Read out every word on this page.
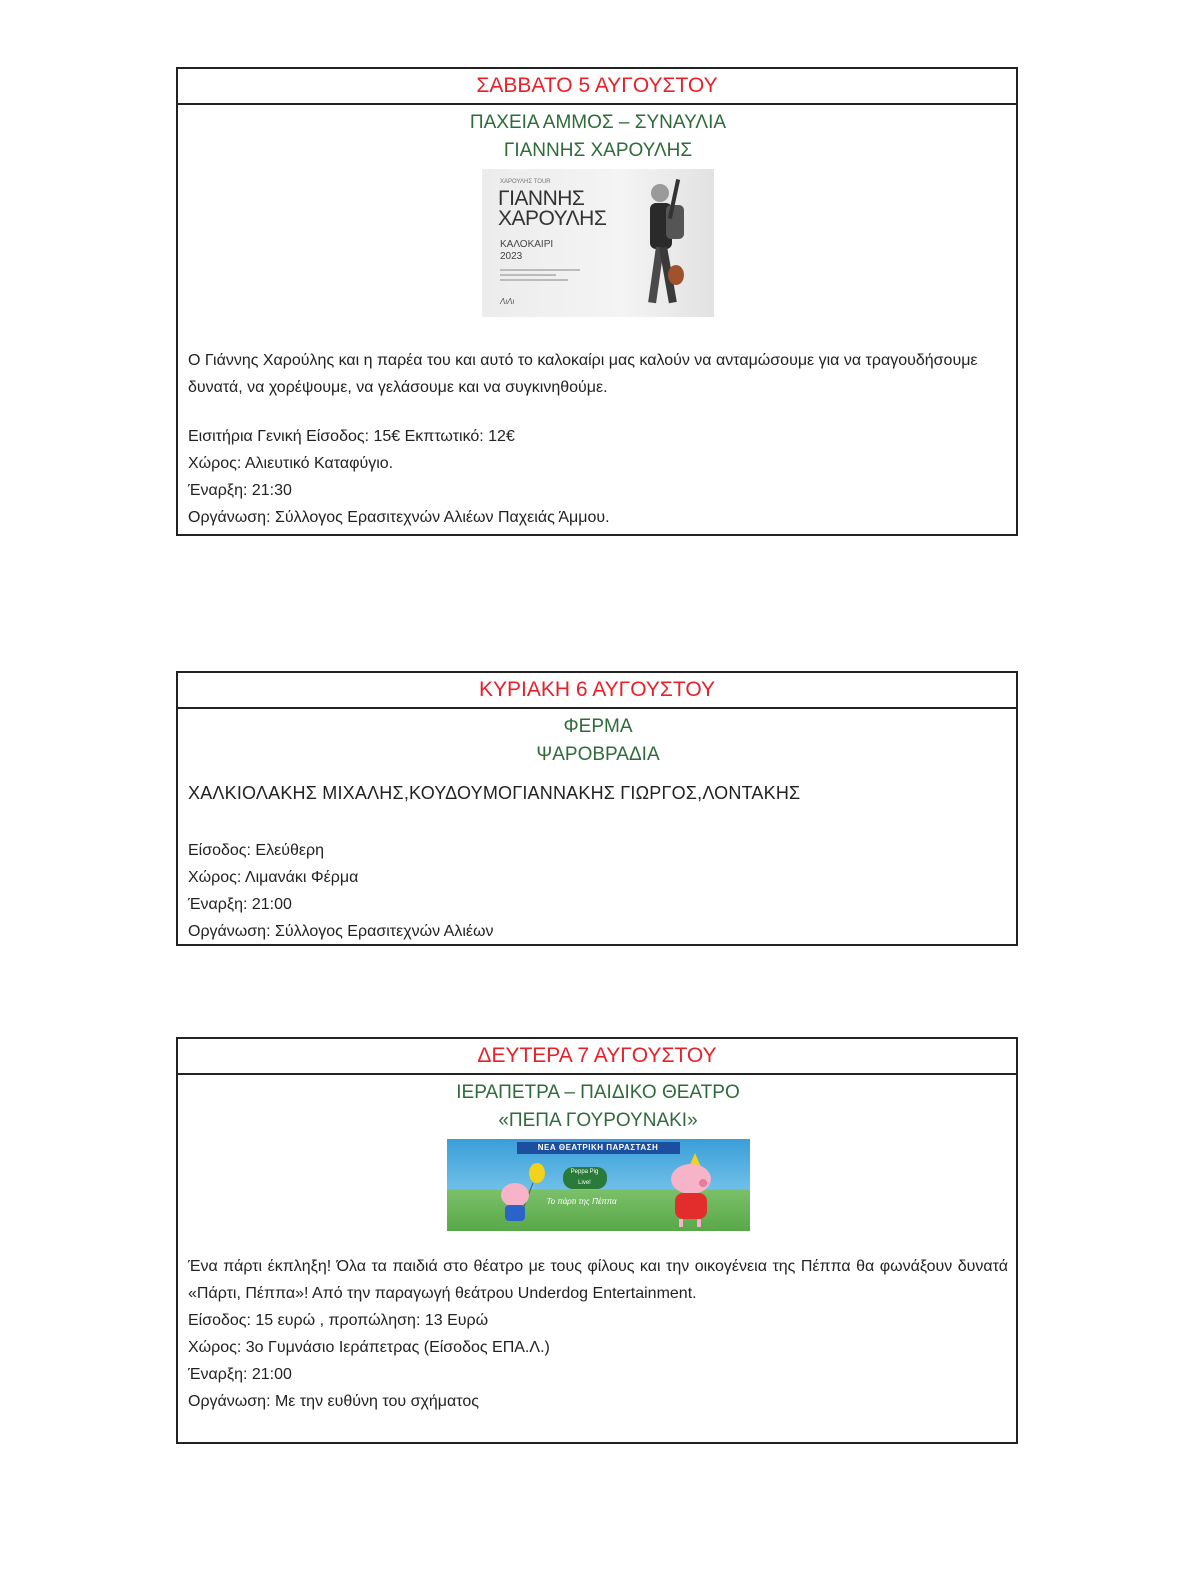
ΣΑΒΒΑΤΟ 5 ΑΥΓΟΥΣΤΟΥ
ΠΑΧΕΙΑ ΑΜΜΟΣ – ΣΥΝΑΥΛΙΑ
ΓΙΑΝΝΗΣ ΧΑΡΟΥΛΗΣ
ΧΑΡΟΥΛΗΣ TOUR
ΓΙΑΝΝΗΣ
ΧΑΡΟΥΛΗΣ
ΚΑΛΟΚΑΙΡΙ
2023
ΛιΛι
Ο Γιάννης Χαρούλης και η παρέα του και αυτό το καλοκαίρι μας καλούν να ανταμώσουμε για να τραγουδήσουμε δυνατά, να χορέψουμε, να γελάσουμε και να συγκινηθούμε.
Εισιτήρια Γενική Είσοδος: 15€ Εκπτωτικό: 12€
Χώρος: Αλιευτικό Καταφύγιο.
Έναρξη: 21:30
Οργάνωση: Σύλλογος Ερασιτεχνών Αλιέων Παχειάς Άμμου.
ΚΥΡΙΑΚΗ 6 ΑΥΓΟΥΣΤΟΥ
ΦΕΡΜΑ
ΨΑΡΟΒΡΑΔΙΑ
ΧΑΛΚΙΟΛΑΚΗΣ ΜΙΧΑΛΗΣ,ΚΟΥΔΟΥΜΟΓΙΑΝΝΑΚΗΣ ΓΙΩΡΓΟΣ,ΛΟΝΤΑΚΗΣ
Είσοδος: Ελεύθερη
Χώρος: Λιμανάκι Φέρμα
Έναρξη: 21:00
Οργάνωση: Σύλλογος Ερασιτεχνών Αλιέων
ΔΕΥΤΕΡΑ 7 ΑΥΓΟΥΣΤΟΥ
ΙΕΡΑΠΕΤΡΑ – ΠΑΙΔΙΚΟ ΘΕΑΤΡΟ
«ΠΕΠΑ ΓΟΥΡΟΥΝΑΚΙ»
ΝΕΑ ΘΕΑΤΡΙΚΗ ΠΑΡΑΣΤΑΣΗ
Peppa Pig
Live!
Το πάρτι της Πέππα
Ένα πάρτι έκπληξη! Όλα τα παιδιά στο θέατρο με τους φίλους και την οικογένεια της Πέππα θα φωνάξουν δυνατά «Πάρτι, Πέππα»! Από την παραγωγή θεάτρου Underdog Entertainment.
Είσοδος: 15 ευρώ , προπώληση: 13 Ευρώ
Χώρος: 3ο Γυμνάσιο Ιεράπετρας (Είσοδος ΕΠΑ.Λ.)
Έναρξη: 21:00
Οργάνωση: Με την ευθύνη του σχήματος
